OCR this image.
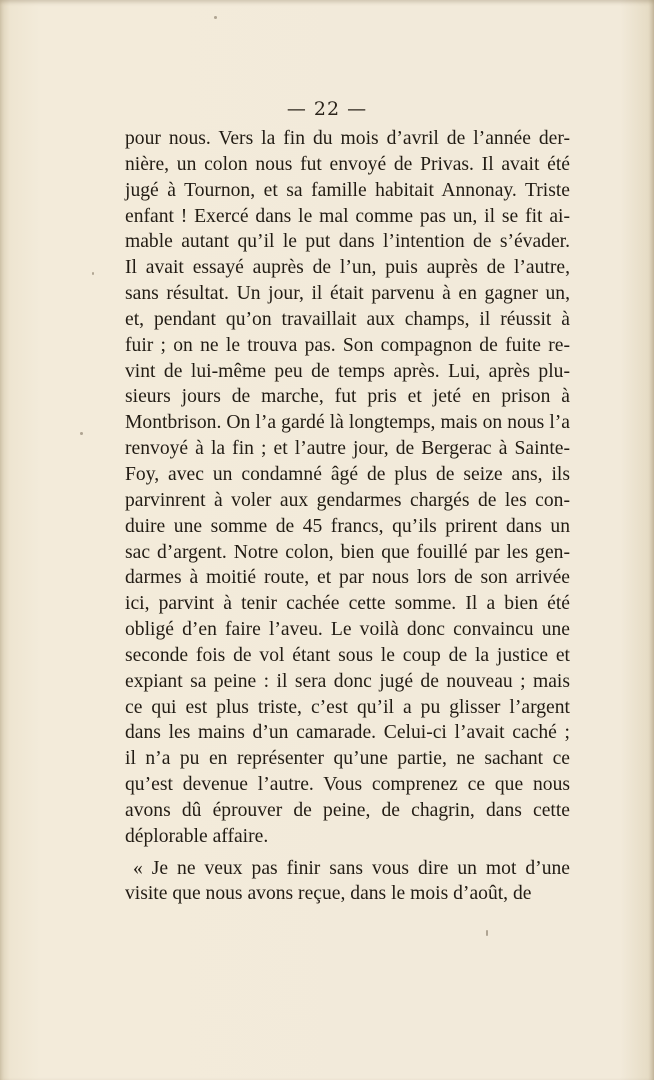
— 22 —
pour nous. Vers la fin du mois d’avril de l’année der-
nière, un colon nous fut envoyé de Privas. Il avait été
jugé à Tournon, et sa famille habitait Annonay. Triste
enfant ! Exercé dans le mal comme pas un, il se fit ai-
mable autant qu’il le put dans l’intention de s’évader.
Il avait essayé auprès de l’un, puis auprès de l’autre,
sans résultat. Un jour, il était parvenu à en gagner un,
et, pendant qu’on travaillait aux champs, il réussit à
fuir ; on ne le trouva pas. Son compagnon de fuite re-
vint de lui-même peu de temps après. Lui, après plu-
sieurs jours de marche, fut pris et jeté en prison à
Montbrison. On l’a gardé là longtemps, mais on nous l’a
renvoyé à la fin ; et l’autre jour, de Bergerac à Sainte-
Foy, avec un condamné âgé de plus de seize ans, ils
parvinrent à voler aux gendarmes chargés de les con-
duire une somme de 45 francs, qu’ils prirent dans un
sac d’argent. Notre colon, bien que fouillé par les gen-
darmes à moitié route, et par nous lors de son arrivée
ici, parvint à tenir cachée cette somme. Il a bien été
obligé d’en faire l’aveu. Le voilà donc convaincu une
seconde fois de vol étant sous le coup de la justice et
expiant sa peine : il sera donc jugé de nouveau ; mais
ce qui est plus triste, c’est qu’il a pu glisser l’argent
dans les mains d’un camarade. Celui-ci l’avait caché ;
il n’a pu en représenter qu’une partie, ne sachant ce
qu’est devenue l’autre. Vous comprenez ce que nous
avons dû éprouver de peine, de chagrin, dans cette
déplorable affaire.
« Je ne veux pas finir sans vous dire un mot d’une
visite que nous avons reçue, dans le mois d’août, de
